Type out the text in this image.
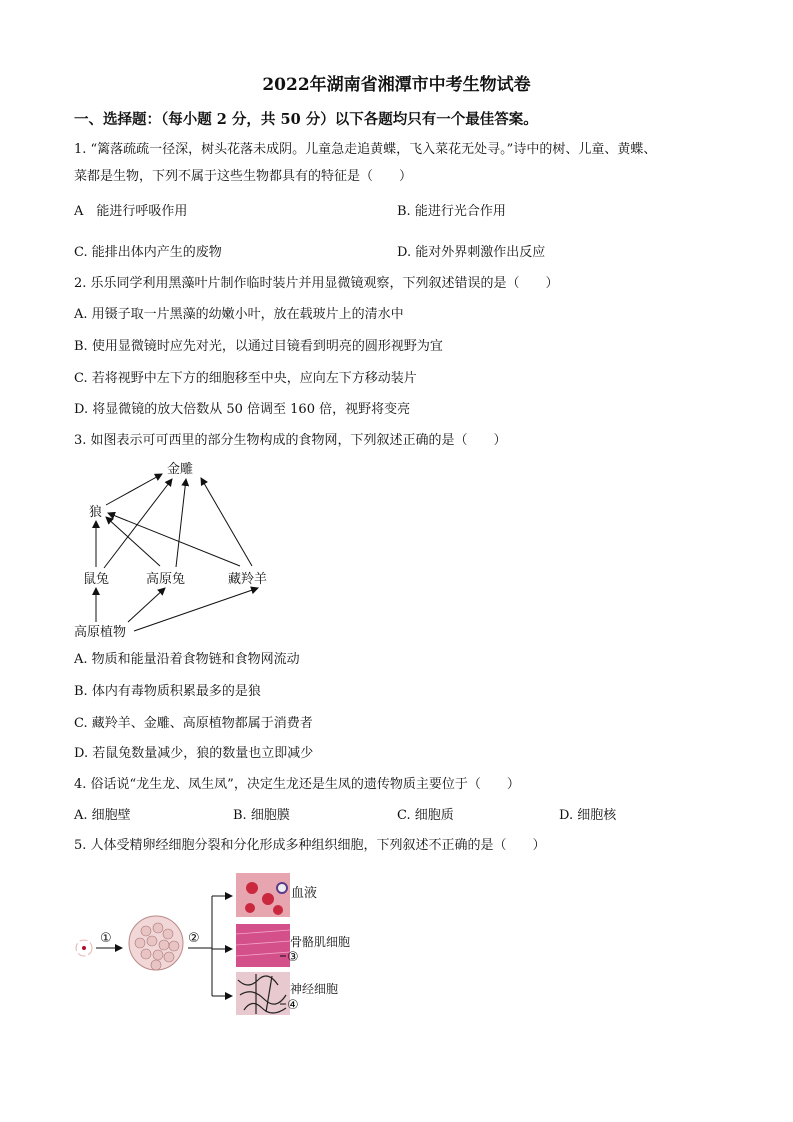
2022年湖南省湘潭市中考生物试卷
一、选择题：（每小题 2 分，共 50 分）以下各题均只有一个最佳答案。
1. “篱落疏疏一径深，树头花落未成阴。儿童急走追黄蝶，飞入菜花无处寻。”诗中的树、儿童、黄蝶、
菜都是生物，下列不属于这些生物都具有的特征是（　　）
A　能进行呼吸作用	B. 能进行光合作用
C. 能排出体内产生的废物	D. 能对外界刺激作出反应
2. 乐乐同学利用黑藻叶片制作临时装片并用显微镜观察，下列叙述错误的是（　　）
A. 用镊子取一片黑藻的幼嫩小叶，放在载玻片上的清水中
B. 使用显微镜时应先对光，以通过目镜看到明亮的圆形视野为宜
C. 若将视野中左下方的细胞移至中央，应向左下方移动装片
D. 将显微镜的放大倍数从 50 倍调至 160 倍，视野将变亮
3. 如图表示可可西里的部分生物构成的食物网，下列叙述正确的是（　　）
金雕
狼
鼠兔	高原兔	藏羚羊
高原植物
①	②
血液
骨骼肌细胞
③
神经细胞
④
A. 物质和能量沿着食物链和食物网流动
B. 体内有毒物质积累最多的是狼
C. 藏羚羊、金雕、高原植物都属于消费者
D. 若鼠兔数量减少，狼的数量也立即减少
4. 俗话说“龙生龙、凤生凤”，决定生龙还是生凤的遗传物质主要位于（　　）
A. 细胞壁	B. 细胞膜	C. 细胞质	D. 细胞核
5. 人体受精卵经细胞分裂和分化形成多种组织细胞，下列叙述不正确的是（　　）
